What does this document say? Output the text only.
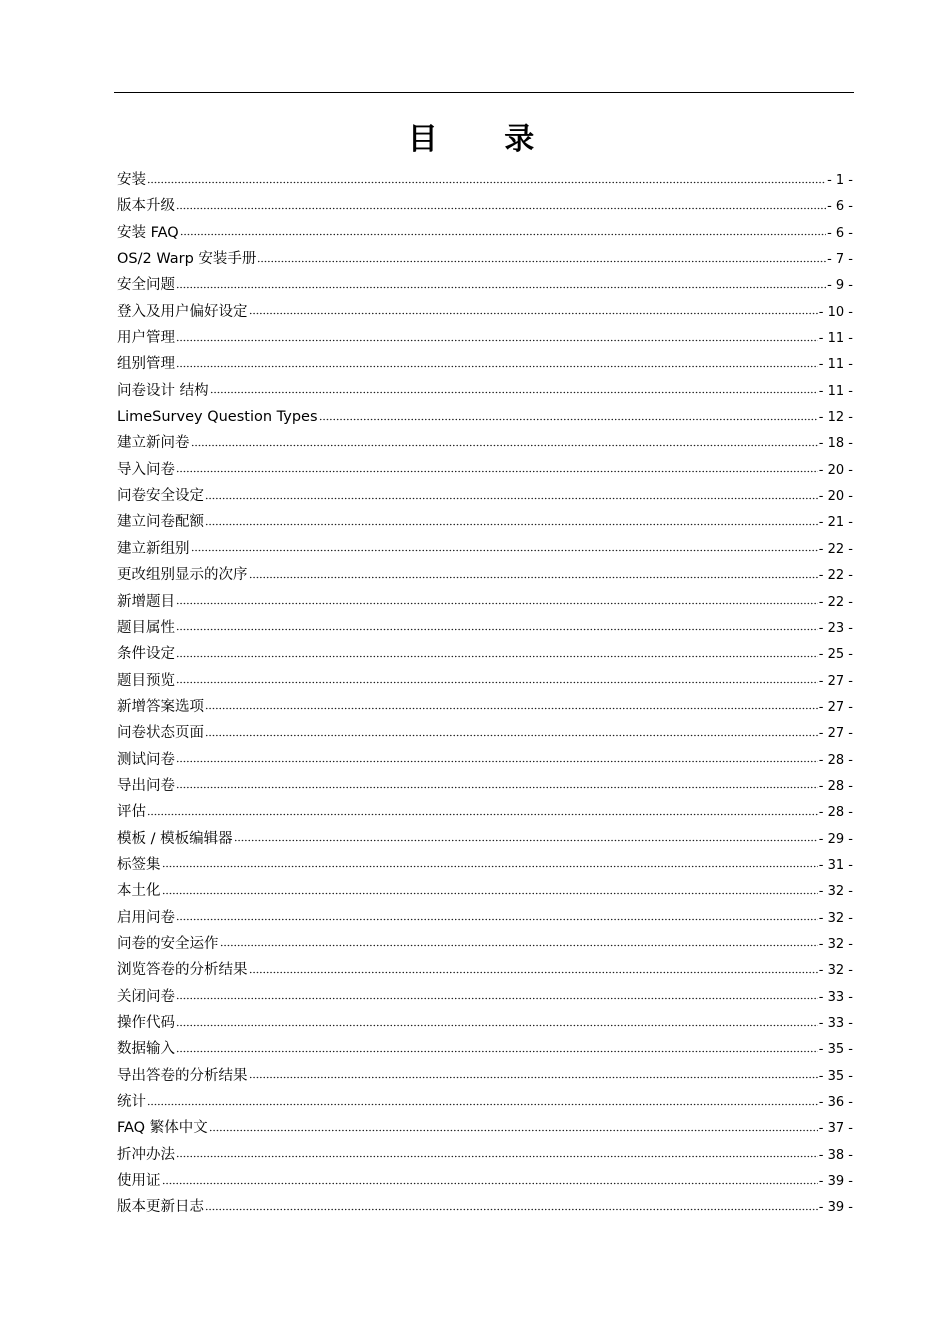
目 录
安装	- 1 -
版本升级	- 6 -
安装 FAQ	- 6 -
OS/2 Warp 安装手册	- 7 -
安全问题	- 9 -
登入及用户偏好设定	- 10 -
用户管理	- 11 -
组别管理	- 11 -
问卷设计 结构	- 11 -
LimeSurvey Question Types	- 12 -
建立新问卷	- 18 -
导入问卷	- 20 -
问卷安全设定	- 20 -
建立问卷配额	- 21 -
建立新组别	- 22 -
更改组别显示的次序	- 22 -
新增题目	- 22 -
题目属性	- 23 -
条件设定	- 25 -
题目预览	- 27 -
新增答案选项	- 27 -
问卷状态页面	- 27 -
测试问卷	- 28 -
导出问卷	- 28 -
评估	- 28 -
模板 / 模板编辑器	- 29 -
标签集	- 31 -
本土化	- 32 -
启用问卷	- 32 -
问卷的安全运作	- 32 -
浏览答卷的分析结果	- 32 -
关闭问卷	- 33 -
操作代码	- 33 -
数据输入	- 35 -
导出答卷的分析结果	- 35 -
统计	- 36 -
FAQ 繁体中文	- 37 -
折冲办法	- 38 -
使用证	- 39 -
版本更新日志	- 39 -
